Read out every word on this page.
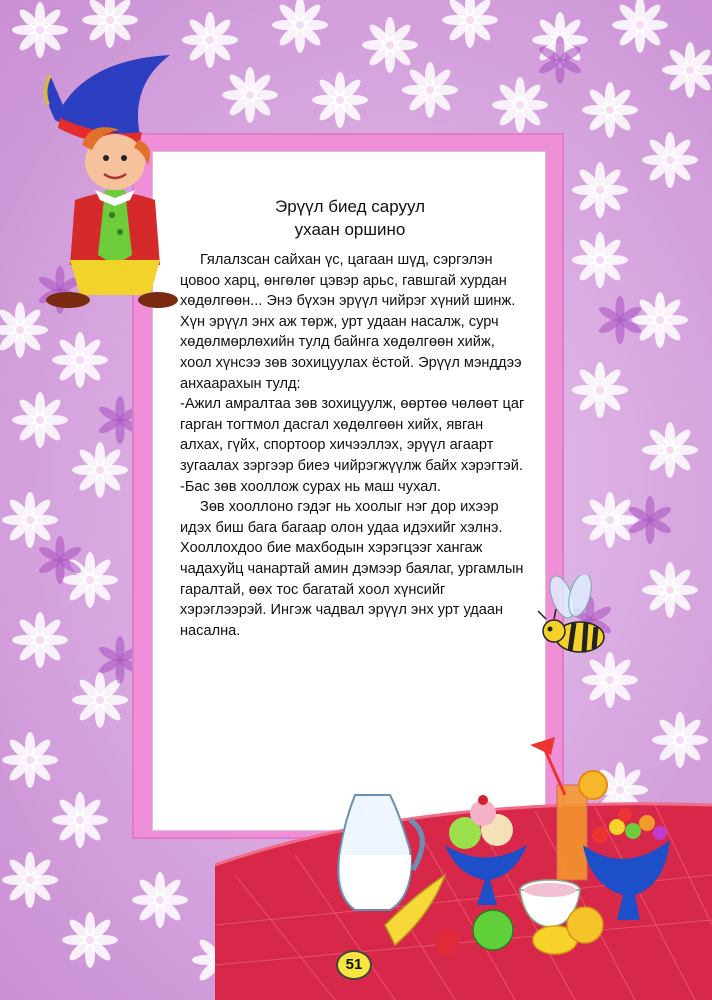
Эрүүл биед саруул
ухаан оршино

Гялалзсан сайхан үс, цагаан шүд, сэргэлэн цовоо харц, өнгөлөг цэвэр арьс, гавшгай хурдан хөдөлгөөн... Энэ бүхэн эрүүл чийрэг хүний шинж. Хүн эрүүл энх аж төрж, урт удаан насалж, сурч хөдөлмөрлөхийн тулд байнга хөдөлгөөн хийж, хоол хүнсээ зөв зохицуулах ёстой. Эрүүл мэнддээ анхаарахын тулд:

-Ажил амралтаа зөв зохицуулж, өөртөө чөлөөт цаг гарган тогтмол дасгал хөдөлгөөн хийх, явган алхах, гүйх, спортоор хичээллэх, эрүүл агаарт зугаалах зэргээр биеэ чийрэгжүүлж байх хэрэгтэй.

-Бас зөв хооллож сурах нь маш чухал.

Зөв хооллоно гэдэг нь хоолыг нэг дор ихээр идэх биш бага багаар олон удаа идэхийг хэлнэ. Хооллохдоо бие махбодын хэрэгцээг хангаж чадахуйц чанартай амин дэмээр баялаг, ургамлын гаралтай, өөх тос багатай хоол хүнсийг хэрэглээрэй. Ингэж чадвал эрүүл энх урт удаан насална.

51
